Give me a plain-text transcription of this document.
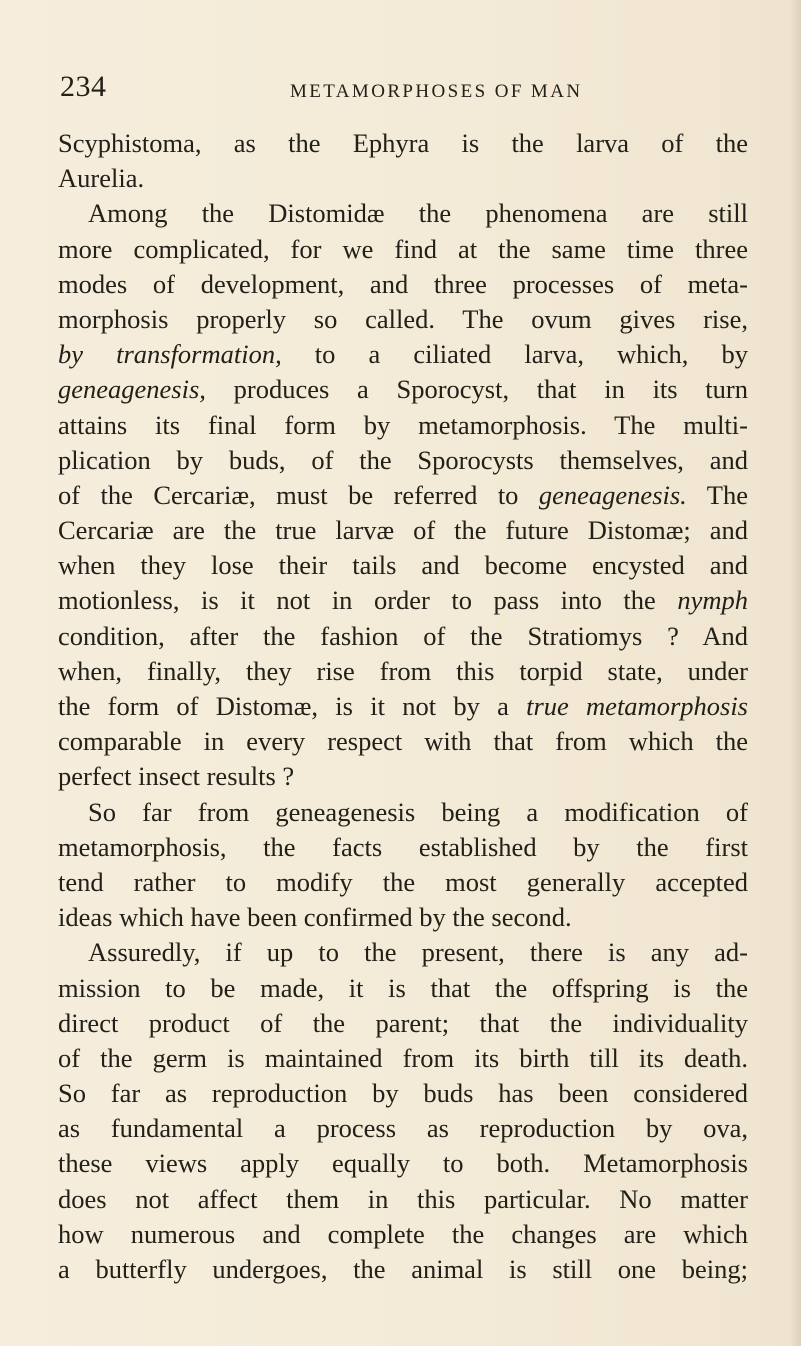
234	METAMORPHOSES OF MAN
Scyphistoma, as the Ephyra is the larva of the
Aurelia.
Among the Distomidæ the phenomena are still
more complicated, for we find at the same time three
modes of development, and three processes of meta-
morphosis properly so called. The ovum gives rise,
by transformation, to a ciliated larva, which, by
geneagenesis, produces a Sporocyst, that in its turn
attains its final form by metamorphosis. The multi-
plication by buds, of the Sporocysts themselves, and
of the Cercariæ, must be referred to geneagenesis. The
Cercariæ are the true larvæ of the future Distomæ; and
when they lose their tails and become encysted and
motionless, is it not in order to pass into the nymph
condition, after the fashion of the Stratiomys ? And
when, finally, they rise from this torpid state, under
the form of Distomæ, is it not by a true metamorphosis
comparable in every respect with that from which the
perfect insect results ?
So far from geneagenesis being a modification of
metamorphosis, the facts established by the first
tend rather to modify the most generally accepted
ideas which have been confirmed by the second.
Assuredly, if up to the present, there is any ad-
mission to be made, it is that the offspring is the
direct product of the parent; that the individuality
of the germ is maintained from its birth till its death.
So far as reproduction by buds has been considered
as fundamental a process as reproduction by ova,
these views apply equally to both. Metamorphosis
does not affect them in this particular. No matter
how numerous and complete the changes are which
a butterfly undergoes, the animal is still one being;
